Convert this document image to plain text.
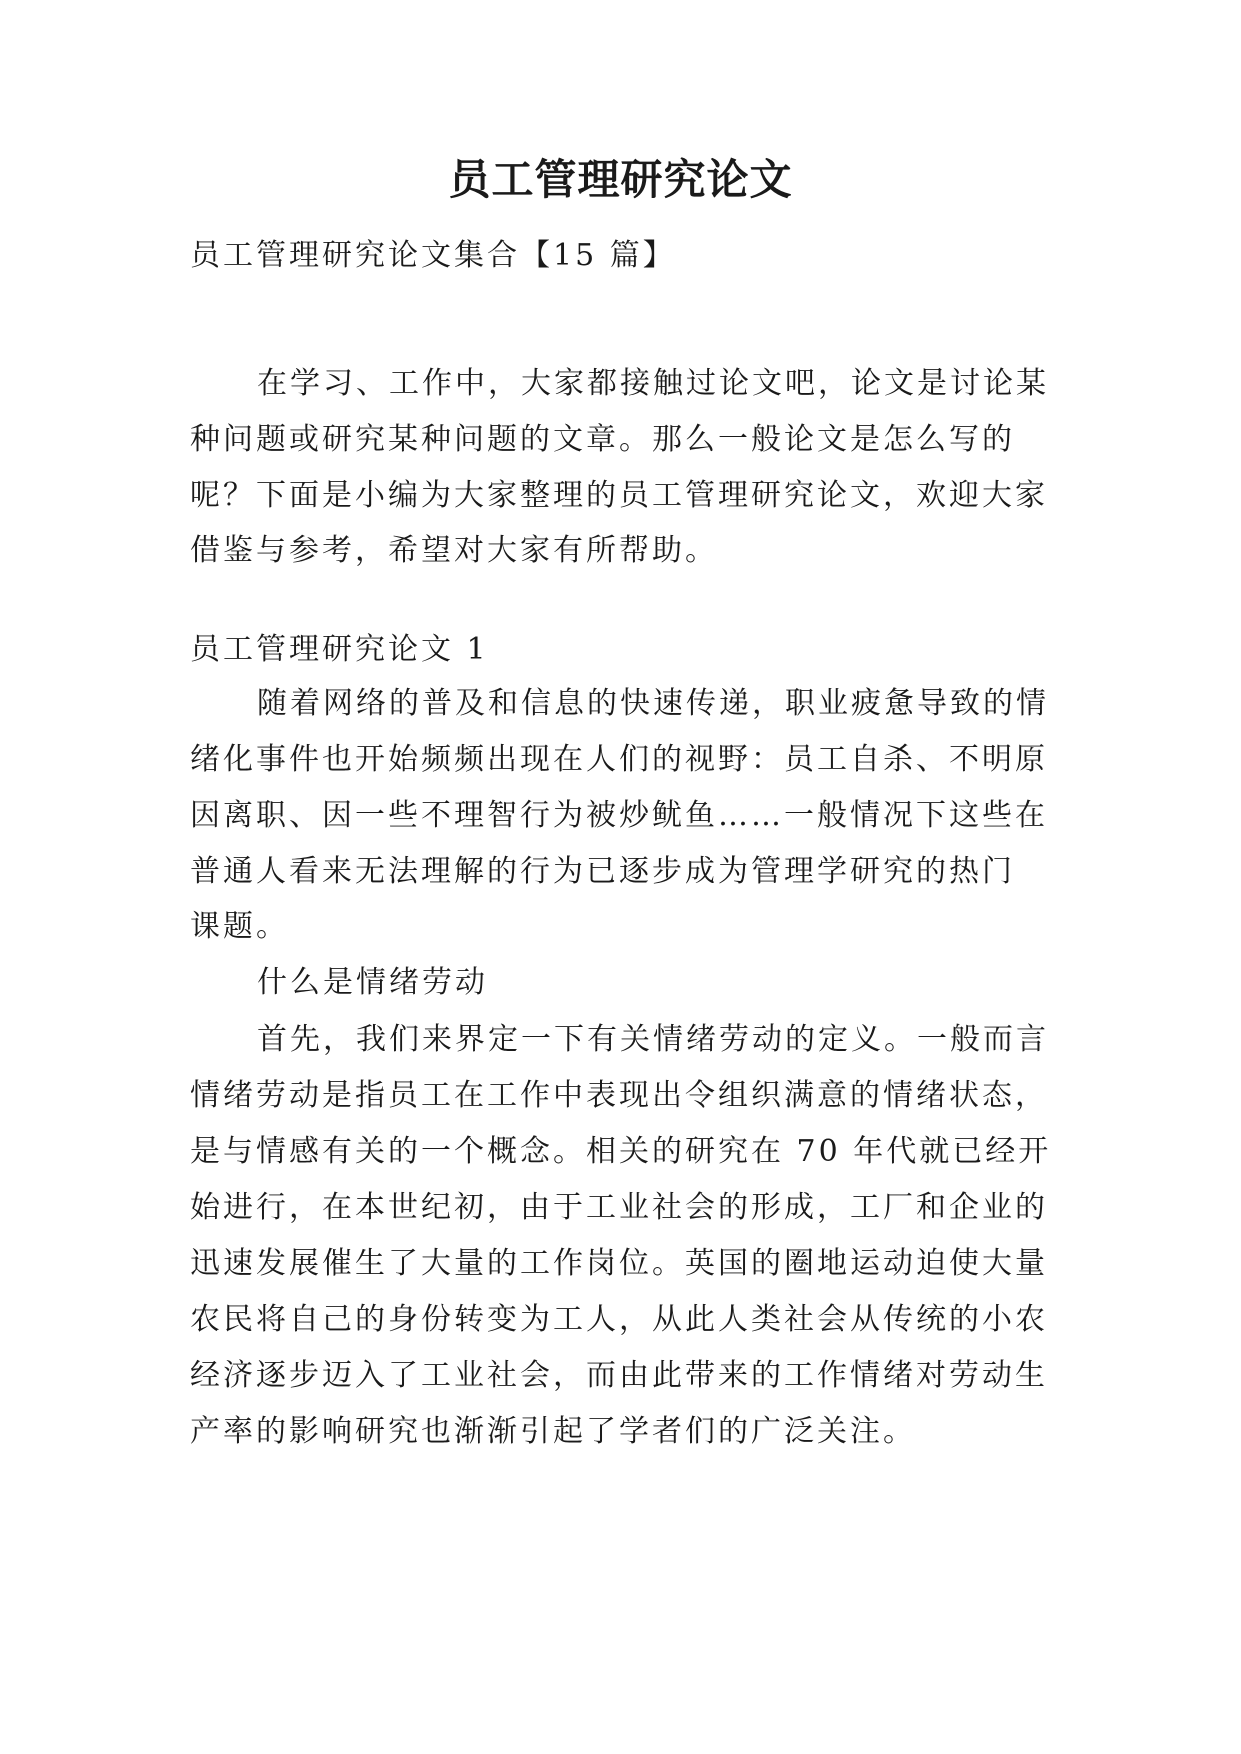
员工管理研究论文
员工管理研究论文集合【15 篇】
在学习、工作中，大家都接触过论文吧，论文是讨论某
种问题或研究某种问题的文章。那么一般论文是怎么写的
呢？下面是小编为大家整理的员工管理研究论文，欢迎大家
借鉴与参考，希望对大家有所帮助。
员工管理研究论文 1
随着网络的普及和信息的快速传递，职业疲惫导致的情
绪化事件也开始频频出现在人们的视野：员工自杀、不明原
因离职、因一些不理智行为被炒鱿鱼……一般情况下这些在
普通人看来无法理解的行为已逐步成为管理学研究的热门
课题。
什么是情绪劳动
首先，我们来界定一下有关情绪劳动的定义。一般而言
情绪劳动是指员工在工作中表现出令组织满意的情绪状态，
是与情感有关的一个概念。相关的研究在 70 年代就已经开
始进行，在本世纪初，由于工业社会的形成，工厂和企业的
迅速发展催生了大量的工作岗位。英国的圈地运动迫使大量
农民将自己的身份转变为工人，从此人类社会从传统的小农
经济逐步迈入了工业社会，而由此带来的工作情绪对劳动生
产率的影响研究也渐渐引起了学者们的广泛关注。
